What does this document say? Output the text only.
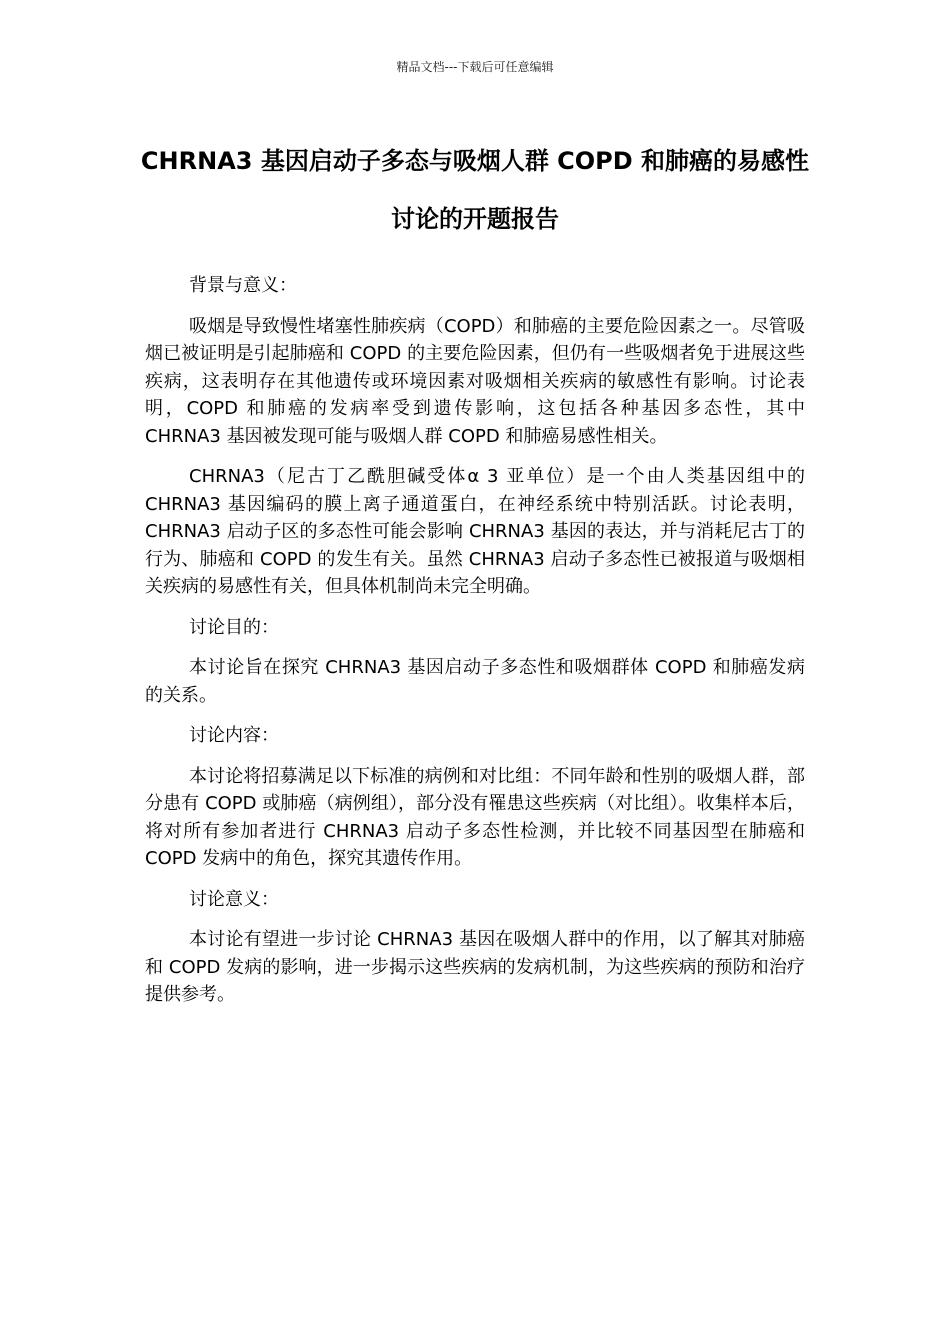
精品文档---下载后可任意编辑
CHRNA3 基因启动子多态与吸烟人群 COPD 和肺癌的易感性讨论的开题报告

背景与意义：

吸烟是导致慢性堵塞性肺疾病（COPD）和肺癌的主要危险因素之一。尽管吸烟已被证明是引起肺癌和 COPD 的主要危险因素，但仍有一些吸烟者免于进展这些疾病，这表明存在其他遗传或环境因素对吸烟相关疾病的敏感性有影响。讨论表明，COPD 和肺癌的发病率受到遗传影响，这包括各种基因多态性，其中 CHRNA3 基因被发现可能与吸烟人群 COPD 和肺癌易感性相关。

CHRNA3（尼古丁乙酰胆碱受体α 3 亚单位）是一个由人类基因组中的 CHRNA3 基因编码的膜上离子通道蛋白，在神经系统中特别活跃。讨论表明，CHRNA3 启动子区的多态性可能会影响 CHRNA3 基因的表达，并与消耗尼古丁的行为、肺癌和 COPD 的发生有关。虽然 CHRNA3 启动子多态性已被报道与吸烟相关疾病的易感性有关，但具体机制尚未完全明确。

讨论目的：

本讨论旨在探究 CHRNA3 基因启动子多态性和吸烟群体 COPD 和肺癌发病的关系。

讨论内容：

本讨论将招募满足以下标准的病例和对比组：不同年龄和性别的吸烟人群，部分患有 COPD 或肺癌（病例组），部分没有罹患这些疾病（对比组）。收集样本后，将对所有参加者进行 CHRNA3 启动子多态性检测，并比较不同基因型在肺癌和 COPD 发病中的角色，探究其遗传作用。

讨论意义：

本讨论有望进一步讨论 CHRNA3 基因在吸烟人群中的作用，以了解其对肺癌和 COPD 发病的影响，进一步揭示这些疾病的发病机制，为这些疾病的预防和治疗提供参考。
